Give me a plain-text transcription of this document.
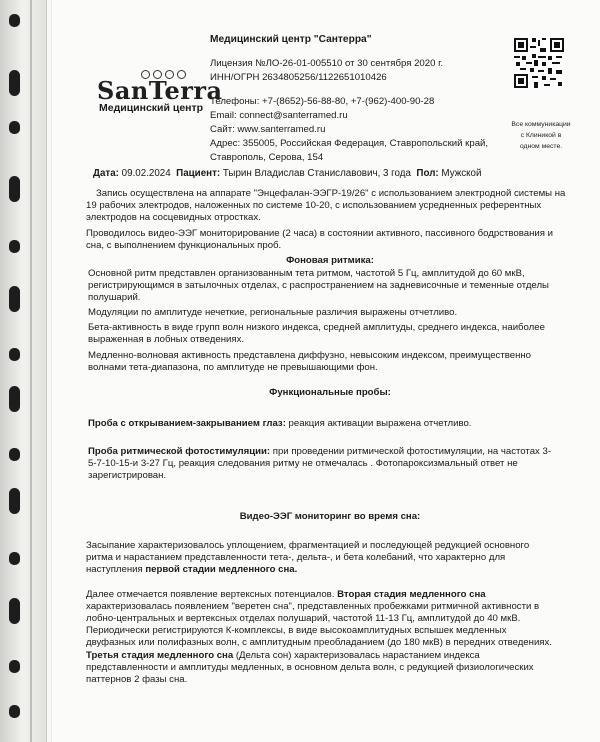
Медицинский центр "Сантерра"
Лицензия №ЛО-26-01-005510 от 30 сентября 2020 г.
ИНН/ОГРН 2634805256/1122651010426
SanTerra
Медицинский центр
Телефоны: +7-(8652)-56-88-80, +7-(962)-400-90-28
Email: connect@santerramed.ru
Сайт: www.santerramed.ru
Адрес: 355005, Российская Федерация, Ставропольский край,
Ставрополь, Серова, 154
Все коммуникации
с Клиникой в
одном месте.
Дата: 09.02.2024 Пациент: Тырин Владислав Станиславович, 3 года Пол: Мужской
Запись осуществлена на аппарате "Энцефалан-ЭЭГР-19/26" с использованием электродной системы на
19 рабочих электродов, наложенных по системе 10-20, с использованием усредненных референтных
электродов на сосцевидных отростках.
Проводилось видео-ЭЭГ мониторирование (2 часа) в состоянии активного, пассивного бодрствования и
сна, с выполнением функциональных проб.
Фоновая ритмика:
Основной ритм представлен организованным тета ритмом, частотой 5 Гц, амплитудой до 60 мкВ,
регистрирующимся в затылочных отделах, с распространением на задневисочные и теменные отделы
полушарий.
Модуляции по амплитуде нечеткие, региональные различия выражены отчетливо.
Бета-активность в виде групп волн низкого индекса, средней амплитуды, среднего индекса, наиболее
выраженная в лобных отведениях.
Медленно-волновая активность представлена диффузно, невысоким индексом, преимущественно
волнами тета-диапазона, по амплитуде не превышающими фон.
Функциональные пробы:
Проба с открыванием-закрыванием глаз: реакция активации выражена отчетливо.
Проба ритмической фотостимуляции: при проведении ритмической фотостимуляции, на частотах 3-
5-7-10-15-и 3-27 Гц, реакция следования ритму не отмечалась . Фотопароксизмальный ответ не
зарегистрирован.
Видео-ЭЭГ мониторинг во время сна:
Засыпание характеризовалось уплощением, фрагментацией и последующей редукцией основного
ритма и нарастанием представленности тета-, дельта-, и бета колебаний, что характерно для
наступления первой стадии медленного сна.
Далее отмечается появление вертексных потенциалов. Вторая стадия медленного сна
характеризовалась появлением "веретен сна", представленных пробежками ритмичной активности в
лобно-центральных и вертексных отделах полушарий, частотой 11-13 Гц, амплитудой до 40 мкВ.
Периодически регистрируются К-комплексы, в виде высокоамплитудных вспышек медленных
двуфазных или полифазных волн, с амплитудным преобладанием (до 180 мкВ) в передних отведениях.
Третья стадия медленного сна (Дельта сон) характеризовалась нарастанием индекса
представленности и амплитуды медленных, в основном дельта волн, с редукцией физиологических
паттернов 2 фазы сна.
